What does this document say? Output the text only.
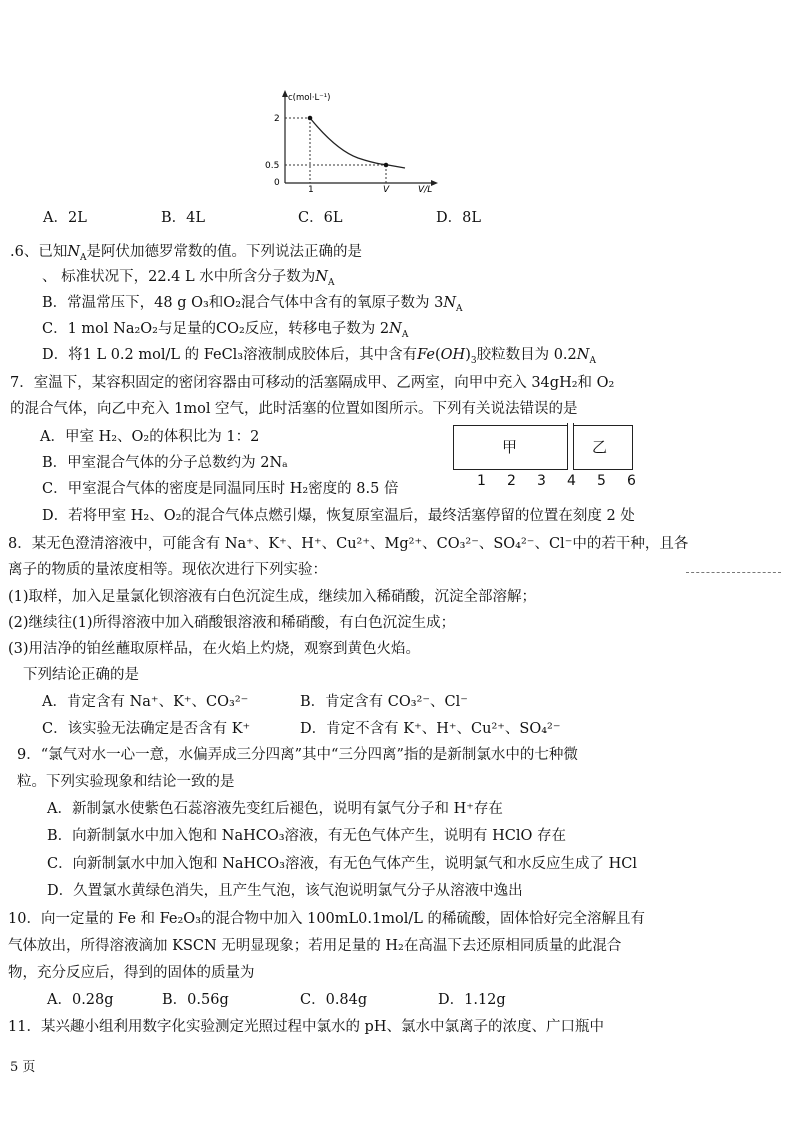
c(mol·L⁻¹)
2
0.5
0
1	V	V/L
A．2L	B．4L	C．6L	D．8L
.6、已知$N_A$是阿伏加德罗常数的值。下列说法正确的是
、 标准状况下，22.4 L 水中所含分子数为$N_A$
B．常温常压下，48 g O₃和O₂混合气体中含有的氧原子数为 $3N_A$
C．1 mol Na₂O₂与足量的CO₂反应，转移电子数为 $2N_A$
D．将1 L 0.2 mol/L 的 FeCl₃溶液制成胶体后，其中含有$Fe(OH)_3$胶粒数目为 $0.2N_A$
7．室温下，某容积固定的密闭容器由可移动的活塞隔成甲、乙两室，向甲中充入 34gH₂和 O₂
的混合气体，向乙中充入 1mol 空气，此时活塞的位置如图所示。下列有关说法错误的是
A．甲室 H₂、O₂的体积比为 1：2
B．甲室混合气体的分子总数约为 2Nₐ
C．甲室混合气体的密度是同温同压时 H₂密度的 8.5 倍
D．若将甲室 H₂、O₂的混合气体点燃引爆，恢复原室温后，最终活塞停留的位置在刻度 2 处
甲	乙
1 2 3 4 5 6
8．某无色澄清溶液中，可能含有 Na⁺、K⁺、H⁺、Cu²⁺、Mg²⁺、CO₃²⁻、SO₄²⁻、Cl⁻中的若干种，且各
离子的物质的量浓度相等。现依次进行下列实验：
(1)取样，加入足量氯化钡溶液有白色沉淀生成，继续加入稀硝酸，沉淀全部溶解；
(2)继续往(1)所得溶液中加入硝酸银溶液和稀硝酸，有白色沉淀生成；
(3)用洁净的铂丝蘸取原样品，在火焰上灼烧，观察到黄色火焰。
下列结论正确的是
A．肯定含有 Na⁺、K⁺、CO₃²⁻	B．肯定含有 CO₃²⁻、Cl⁻
C．该实验无法确定是否含有 K⁺	D．肯定不含有 K⁺、H⁺、Cu²⁺、SO₄²⁻
9．“氯气对水一心一意，水偏弄成三分四离”其中“三分四离”指的是新制氯水中的七种微
粒。下列实验现象和结论一致的是
A．新制氯水使紫色石蕊溶液先变红后褪色，说明有氯气分子和 H⁺存在
B．向新制氯水中加入饱和 NaHCO₃溶液，有无色气体产生，说明有 HClO 存在
C．向新制氯水中加入饱和 NaHCO₃溶液，有无色气体产生，说明氯气和水反应生成了 HCl
D．久置氯水黄绿色消失，且产生气泡，该气泡说明氯气分子从溶液中逸出
10．向一定量的 Fe 和 Fe₂O₃的混合物中加入 100mL0.1mol/L 的稀硫酸，固体恰好完全溶解且有
气体放出，所得溶液滴加 KSCN 无明显现象；若用足量的 H₂在高温下去还原相同质量的此混合
物，充分反应后，得到的固体的质量为
A．0.28g	B．0.56g	C．0.84g	D．1.12g
11．某兴趣小组利用数字化实验测定光照过程中氯水的 pH、氯水中氯离子的浓度、广口瓶中
5 页
